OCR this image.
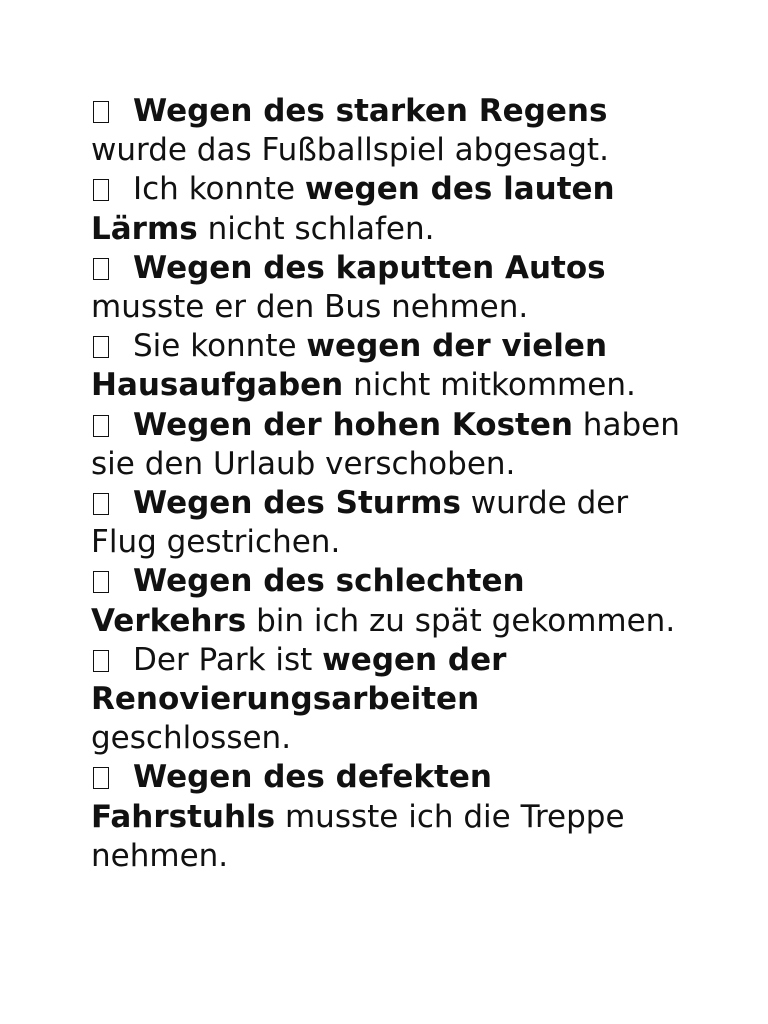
Wegen des starken Regens wurde das Fußballspiel abgesagt.

Ich konnte wegen des lauten Lärms nicht schlafen.

Wegen des kaputten Autos musste er den Bus nehmen.

Sie konnte wegen der vielen Hausaufgaben nicht mitkommen.

Wegen der hohen Kosten haben sie den Urlaub verschoben.

Wegen des Sturms wurde der Flug gestrichen.

Wegen des schlechten Verkehrs bin ich zu spät gekommen.

Der Park ist wegen der Renovierungsarbeiten geschlossen.

Wegen des defekten Fahrstuhls musste ich die Treppe nehmen.
